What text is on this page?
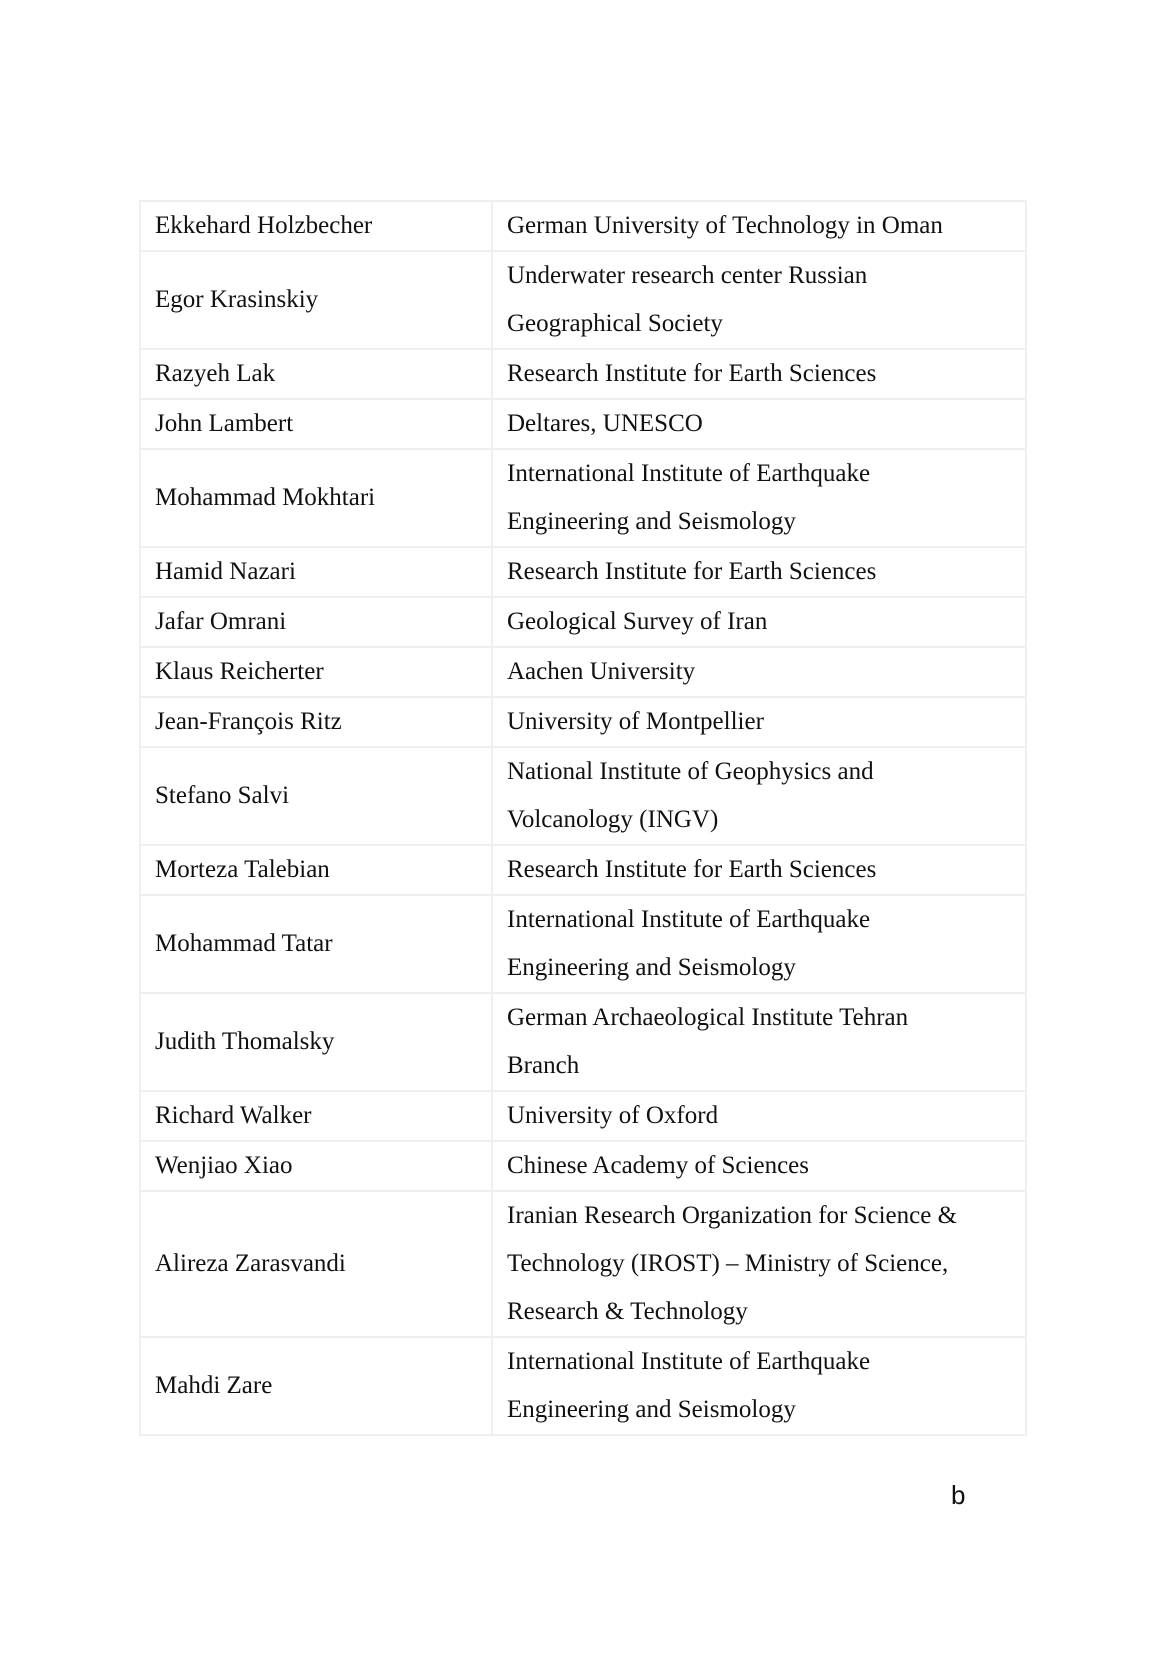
Ekkehard Holzbecher	German University of Technology in Oman

Egor Krasinskiy	Underwater research center Russian
Geographical Society

Razyeh Lak	Research Institute for Earth Sciences

John Lambert	Deltares, UNESCO

Mohammad Mokhtari	International Institute of Earthquake
Engineering and Seismology

Hamid Nazari	Research Institute for Earth Sciences

Jafar Omrani	Geological Survey of Iran

Klaus Reicherter	Aachen University

Jean-François Ritz	University of Montpellier

Stefano Salvi	National Institute of Geophysics and
Volcanology (INGV)

Morteza Talebian	Research Institute for Earth Sciences

Mohammad Tatar	International Institute of Earthquake
Engineering and Seismology

Judith Thomalsky	German Archaeological Institute Tehran
Branch

Richard Walker	University of Oxford

Wenjiao Xiao	Chinese Academy of Sciences

Alireza Zarasvandi	Iranian Research Organization for Science &
Technology (IROST) – Ministry of Science,
Research & Technology

Mahdi Zare	International Institute of Earthquake
Engineering and Seismology
b
